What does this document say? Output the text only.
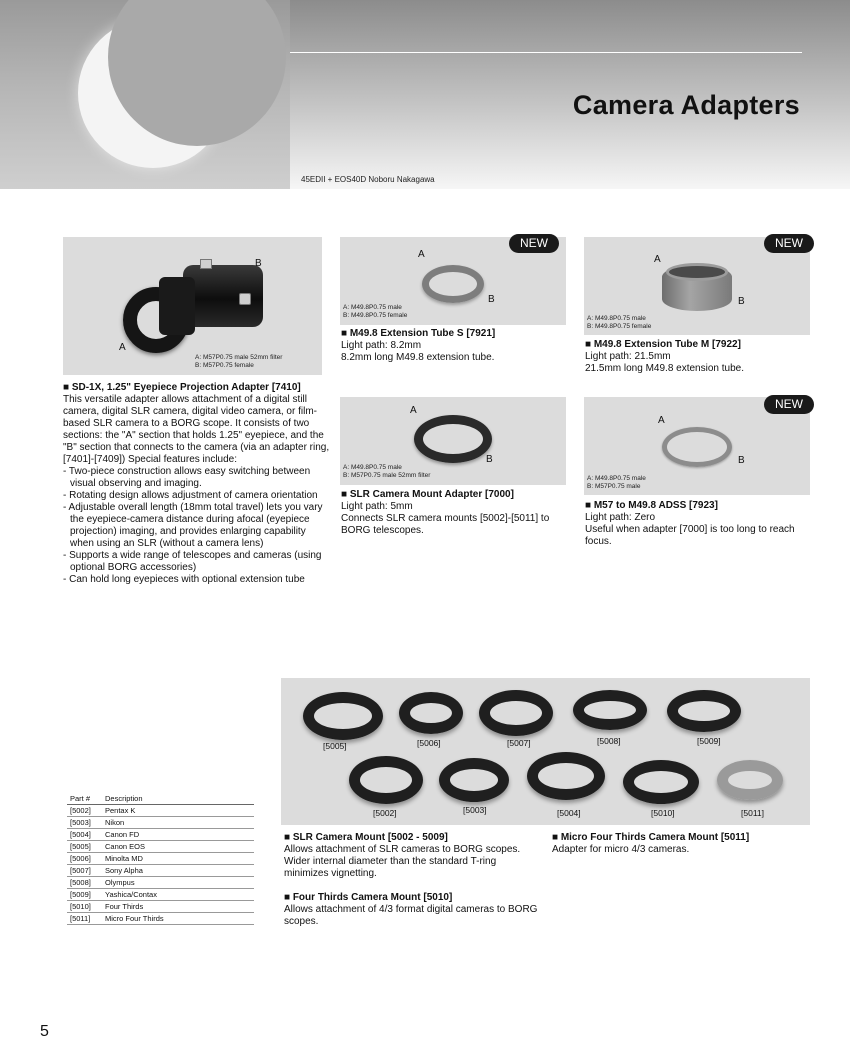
Camera Adapters
45EDII + EOS40D Noboru Nakagawa
A
B
A: M57P0.75 male 52mm filter
B: M57P0.75 female
■ SD-1X, 1.25" Eyepiece Projection Adapter [7410]

This versatile adapter allows attachment of a digital still camera, digital SLR camera, digital video camera, or film-based SLR camera to a BORG scope. It consists of two sections: the "A" section that holds 1.25" eyepiece, and the "B" section that connects to the camera (via an adapter ring, [7401]-[7409]) Special features include:

- Two-piece construction allows easy switching between visual observing and imaging.

- Rotating design allows adjustment of camera orientation

- Adjustable overall length (18mm total travel) lets you vary the eyepiece-camera distance during afocal (eyepiece projection) imaging, and provides enlarging capability when using an SLR (without a camera lens)

- Supports a wide range of telescopes and cameras (using optional BORG accessories)

- Can hold long eyepieces with optional extension tube

A
B
A: M49.8P0.75 male
B: M49.8P0.75 female
NEW
■ M49.8 Extension Tube S [7921]

Light path: 8.2mm

8.2mm long M49.8 extension tube.

A
B
A: M49.8P0.75 male
B: M49.8P0.75 female
NEW
■ M49.8 Extension Tube M [7922]

Light path: 21.5mm

21.5mm long M49.8 extension tube.

A
B
A: M49.8P0.75 male
B: M57P0.75 male 52mm filter
■ SLR Camera Mount Adapter [7000]

Light path: 5mm

Connects SLR camera mounts [5002]-[5011] to BORG telescopes.

A
B
A: M49.8P0.75 male
B: M57P0.75 male
NEW
■ M57 to M49.8 ADSS [7923]

Light path: Zero

Useful when adapter [7000] is too long to reach focus.

[5005]	[5006]	[5007]	[5008]	[5009]
[5002]	[5003]	[5004]	[5010]	[5011]
■ SLR Camera Mount [5002 - 5009]
Allows attachment of SLR cameras to BORG scopes. Wider internal diameter than the standard T-ring minimizes vignetting.
■ Four Thirds Camera Mount [5010]
Allows attachment of 4/3 format digital cameras to BORG scopes.
■ Micro Four Thirds Camera Mount [5011]
Adapter for micro 4/3 cameras.
Part #	Description
[5002]	Pentax K
[5003]	Nikon
[5004]	Canon FD
[5005]	Canon EOS
[5006]	Minolta MD
[5007]	Sony Alpha
[5008]	Olympus
[5009]	Yashica/Contax
[5010]	Four Thirds
[5011]	Micro Four Thirds
5
